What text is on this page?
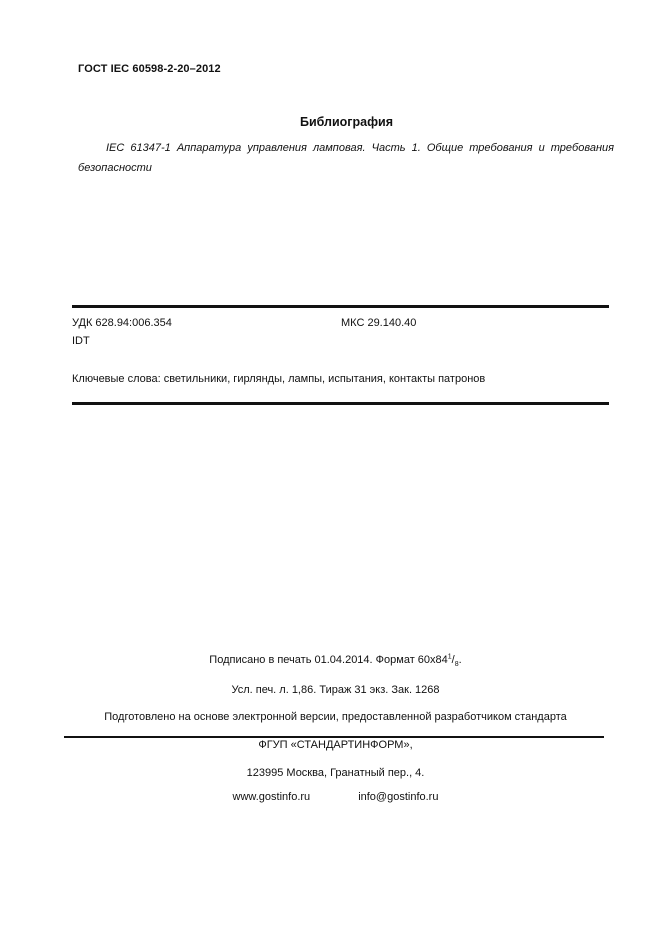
ГОСТ IEC 60598-2-20–2012
Библиография
IEC 61347-1 Аппаратура управления ламповая. Часть 1. Общие требования и требования безопасности
УДК 628.94:006.354	МКС 29.140.40
IDT
Ключевые слова: светильники, гирлянды, лампы, испытания, контакты патронов
Подписано в печать 01.04.2014. Формат $60х84^1/_8$.
Усл. печ. л. 1,86. Тираж 31 экз. Зак. 1268
Подготовлено на основе электронной версии, предоставленной разработчиком стандарта
ФГУП «СТАНДАРТИНФОРМ»,
123995 Москва, Гранатный пер., 4.
www.gostinfo.ru	info@gostinfo.ru
